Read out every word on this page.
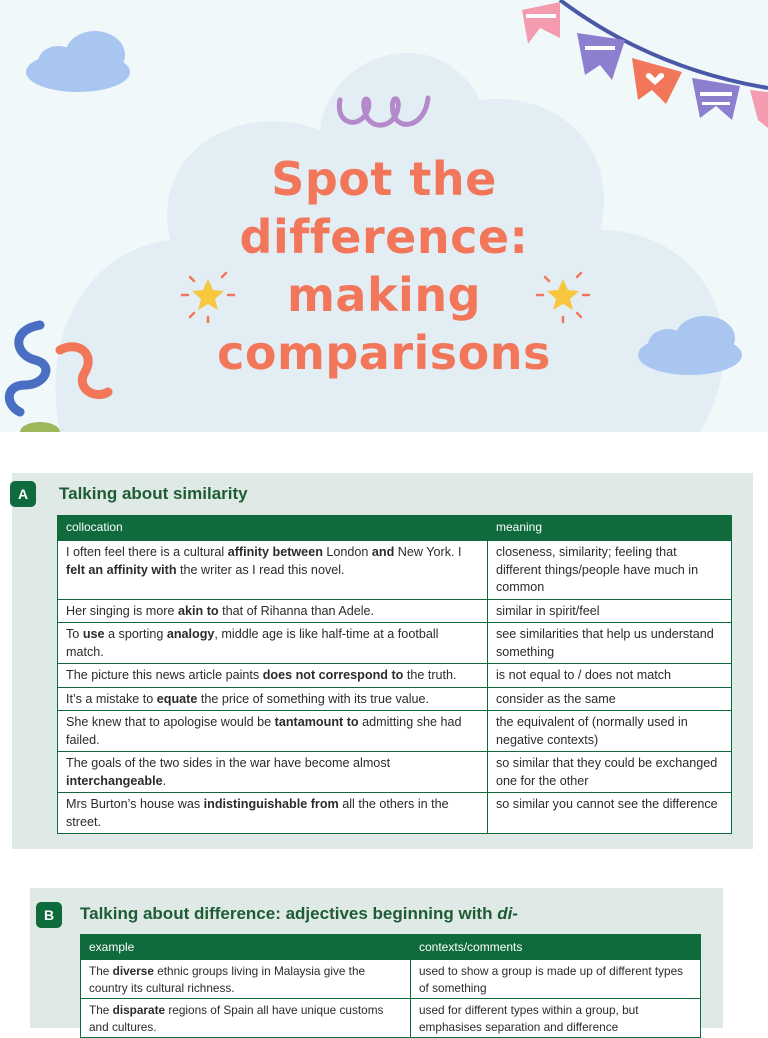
Spot the
difference:
making
comparisons
A	Talking about similarity
collocation	meaning
I often feel there is a cultural affinity between London and New York. I felt an affinity with the writer as I read this novel.	closeness, similarity; feeling that different things/people have much in common
Her singing is more akin to that of Rihanna than Adele.	similar in spirit/feel
To use a sporting analogy, middle age is like half-time at a football match.	see similarities that help us understand something
The picture this news article paints does not correspond to the truth.	is not equal to / does not match
It’s a mistake to equate the price of something with its true value.	consider as the same
She knew that to apologise would be tantamount to admitting she had failed.	the equivalent of (normally used in negative contexts)
The goals of the two sides in the war have become almost interchangeable.	so similar that they could be exchanged one for the other
Mrs Burton’s house was indistinguishable from all the others in the street.	so similar you cannot see the difference
B	Talking about difference: adjectives beginning with di-
example	contexts/comments
The diverse ethnic groups living in Malaysia give the country its cultural richness.	used to show a group is made up of different types of something
The disparate regions of Spain all have unique customs and cultures.	used for different types within a group, but emphasises separation and difference
